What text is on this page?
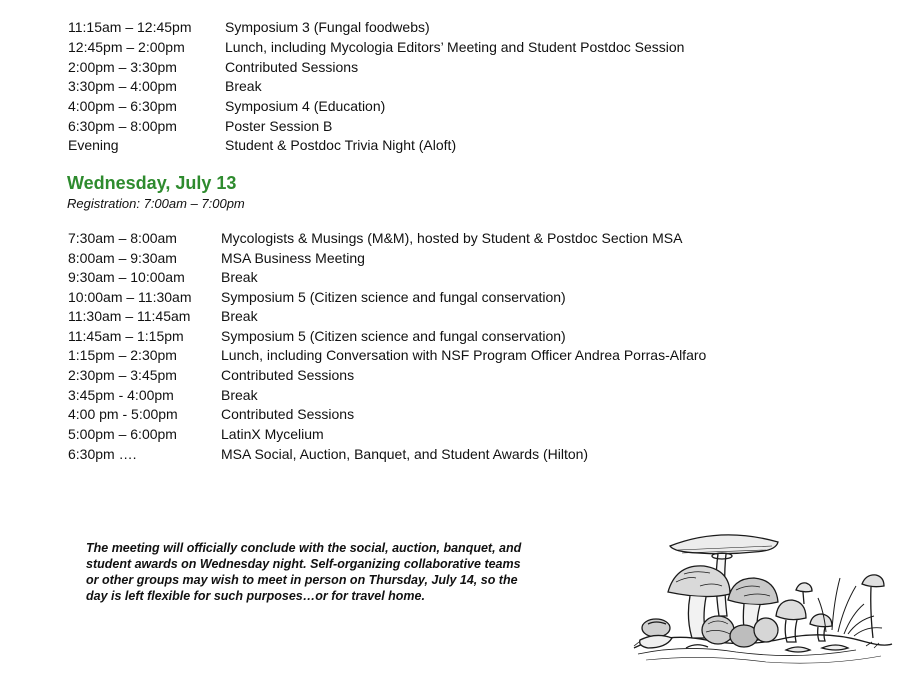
11:15am – 12:45pm Symposium 3 (Fungal foodwebs)
12:45pm – 2:00pm	Lunch, including Mycologia Editors’ Meeting and Student Postdoc Session
2:00pm – 3:30pm	Contributed Sessions
3:30pm – 4:00pm	Break
4:00pm – 6:30pm	Symposium 4 (Education)
6:30pm – 8:00pm	Poster Session B
Evening	Student & Postdoc Trivia Night (Aloft)
Wednesday, July 13
Registration: 7:00am – 7:00pm
7:30am – 8:00am	Mycologists & Musings (M&M), hosted by Student & Postdoc Section MSA
8:00am – 9:30am	MSA Business Meeting
9:30am – 10:00am	Break
10:00am – 11:30am Symposium 5 (Citizen science and fungal conservation)
11:30am – 11:45am Break
11:45am – 1:15pm	Symposium 5 (Citizen science and fungal conservation)
1:15pm – 2:30pm	Lunch, including Conversation with NSF Program Officer Andrea Porras-Alfaro
2:30pm – 3:45pm	Contributed Sessions
3:45pm - 4:00pm	Break
4:00 pm - 5:00pm	Contributed Sessions
5:00pm – 6:00pm	LatinX Mycelium
6:30pm ….	MSA Social, Auction, Banquet, and Student Awards (Hilton)
The meeting will officially conclude with the social, auction, banquet, and
student awards on Wednesday night. Self-organizing collaborative teams
or other groups may wish to meet in person on Thursday, July 14, so the
day is left flexible for such purposes…or for travel home.
